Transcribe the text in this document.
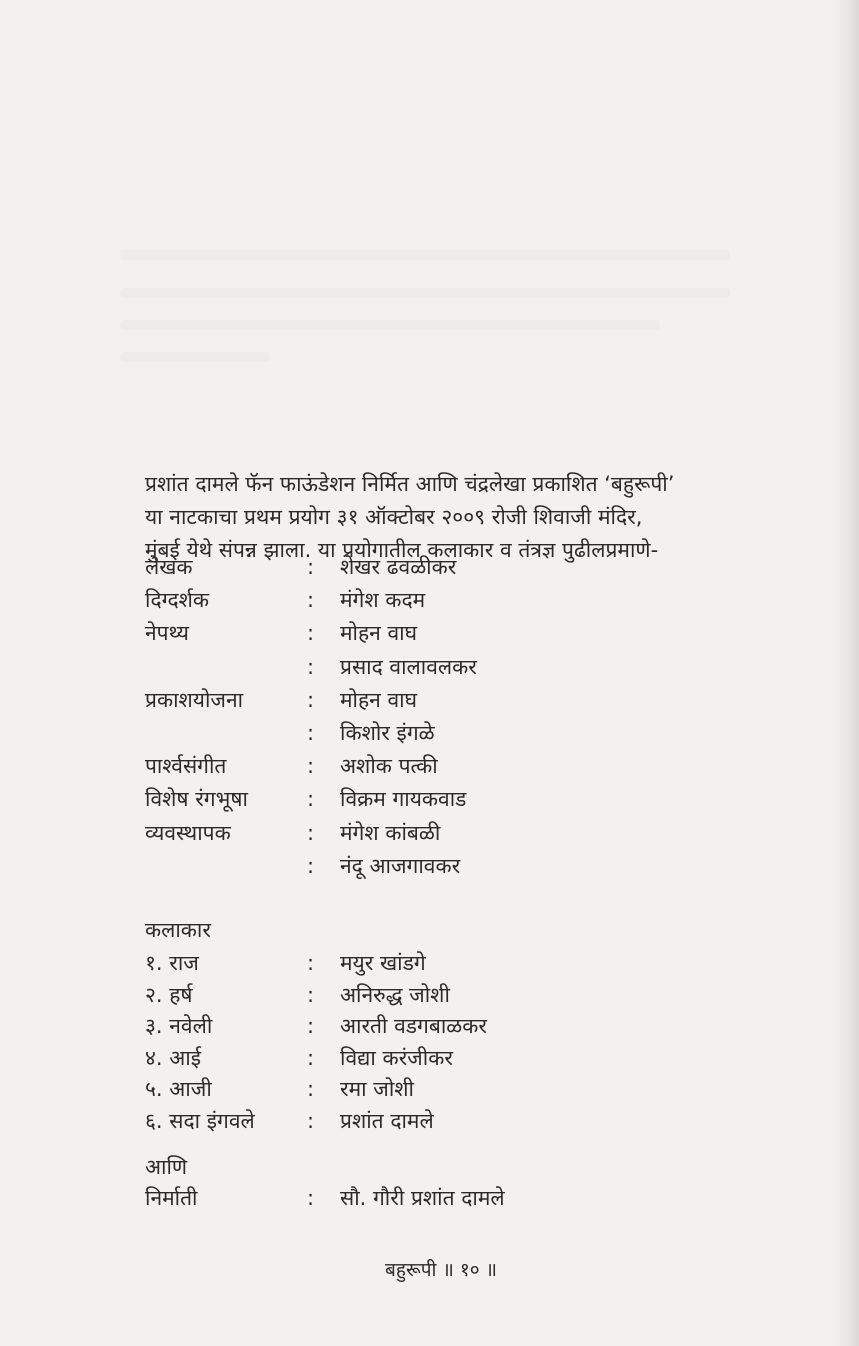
प्रशांत दामले फॅन फाऊंडेशन निर्मित आणि चंद्रलेखा प्रकाशित ‘बहुरूपी’
या नाटकाचा प्रथम प्रयोग ३१ ऑक्टोबर २००९ रोजी शिवाजी मंदिर,
मुंबई येथे संपन्न झाला. या प्रयोगातील कलाकार व तंत्रज्ञ पुढीलप्रमाणे-
लेखक	: शेखर ढवळीकर
दिग्दर्शक	: मंगेश कदम
नेपथ्य	: मोहन वाघ
: प्रसाद वालावलकर
प्रकाशयोजना	: मोहन वाघ
: किशोर इंगळे
पार्श्वसंगीत	: अशोक पत्की
विशेष रंगभूषा	: विक्रम गायकवाड
व्यवस्थापक	: मंगेश कांबळी
: नंदू आजगावकर
कलाकार
१. राज	: मयुर खांडगे
२. हर्ष	: अनिरुद्ध जोशी
३. नवेली	: आरती वडगबाळकर
४. आई	: विद्या करंजीकर
५. आजी	: रमा जोशी
६. सदा इंगवले : प्रशांत दामले
आणि
निर्माती	: सौ. गौरी प्रशांत दामले
बहुरूपी ॥ १० ॥
